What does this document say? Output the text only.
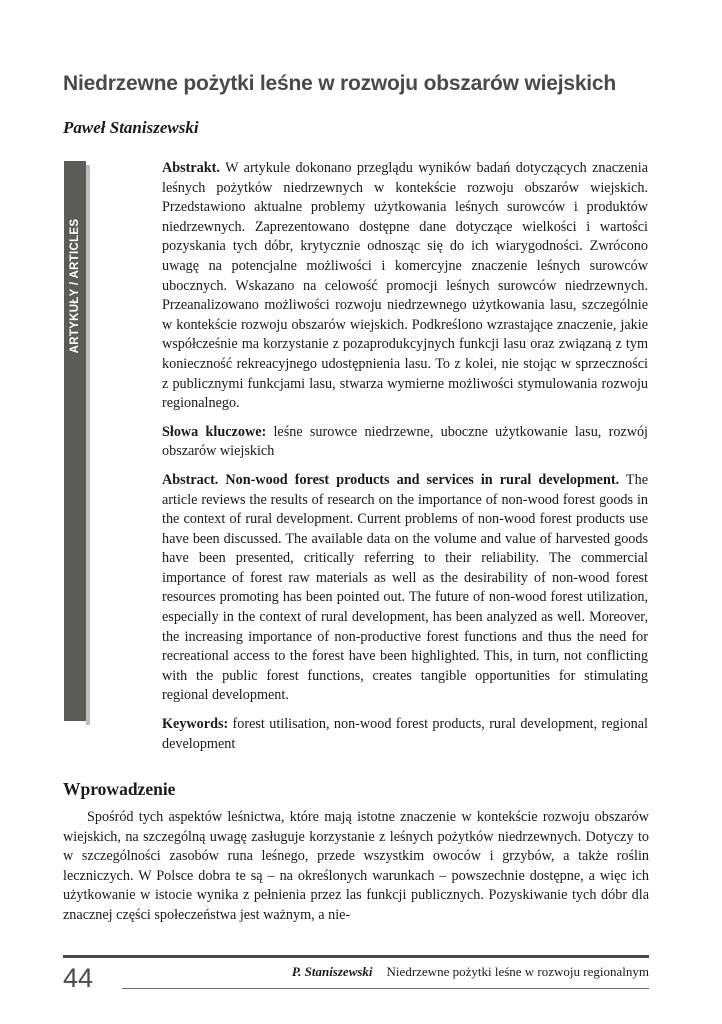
Niedrzewne pożytki leśne w rozwoju obszarów wiejskich
Paweł Staniszewski
ARTYKUŁY / ARTICLES

Abstrakt. W artykule dokonano przeglądu wyników badań dotyczących znaczenia leśnych pożytków niedrzewnych w kontekście rozwoju obszarów wiejskich. Przedstawiono aktualne problemy użytkowania leśnych surowców i produktów niedrzewnych. Zaprezentowano dostępne dane dotyczące wielkości i wartości pozyskania tych dóbr, krytycznie odnosząc się do ich wiarygodności. Zwrócono uwagę na potencjalne możliwości i komercyjne znaczenie leśnych surowców ubocznych. Wskazano na celowość promocji leśnych surowców niedrzewnych. Przeanalizowano możliwości rozwoju niedrzewnego użytkowania lasu, szczególnie w kontekście rozwoju obszarów wiejskich. Podkreślono wzrastające znaczenie, jakie współcześnie ma korzystanie z pozaprodukcyjnych funkcji lasu oraz związaną z tym konieczność rekreacyjnego udostępnienia lasu. To z kolei, nie stojąc w sprzeczności z publicznymi funkcjami lasu, stwarza wymierne możliwości stymulowania rozwoju regionalnego.

Słowa kluczowe: leśne surowce niedrzewne, uboczne użytkowanie lasu, rozwój obszarów wiejskich

Abstract. Non-wood forest products and services in rural development. The article reviews the results of research on the importance of non-wood forest goods in the context of rural development. Current problems of non-wood forest products use have been discussed. The available data on the volume and value of harvested goods have been presented, critically referring to their reliability. The commercial importance of forest raw materials as well as the desirability of non-wood forest resources promoting has been pointed out. The future of non-wood forest utilization, especially in the context of rural development, has been analyzed as well. Moreover, the increasing importance of non-productive forest functions and thus the need for recreational access to the forest have been highlighted. This, in turn, not conflicting with the public forest functions, creates tangible opportunities for stimulating regional development.

Keywords: forest utilisation, non-wood forest products, rural development, regional development

Wprowadzenie

Spośród tych aspektów leśnictwa, które mają istotne znaczenie w kontekście rozwoju obszarów wiejskich, na szczególną uwagę zasługuje korzystanie z leśnych pożytków niedrzewnych. Dotyczy to w szczególności zasobów runa leśnego, przede wszystkim owoców i grzybów, a także roślin leczniczych. W Polsce dobra te są – na określonych warunkach – powszechnie dostępne, a więc ich użytkowanie w istocie wynika z pełnienia przez las funkcji publicznych. Pozyskiwanie tych dóbr dla znacznej części społeczeństwa jest ważnym, a nie-

44	P. Staniszewski Niedrzewne pożytki leśne w rozwoju regionalnym
